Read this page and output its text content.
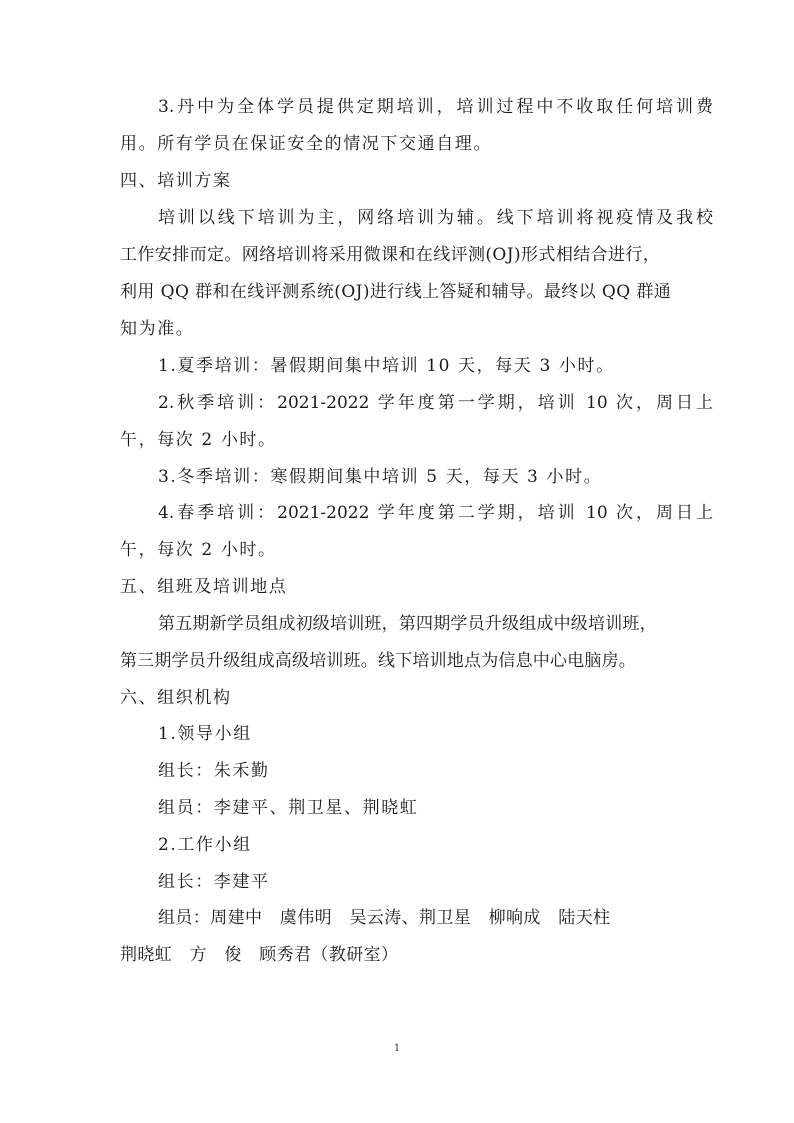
3.丹中为全体学员提供定期培训，培训过程中不收取任何培训费
用。所有学员在保证安全的情况下交通自理。
四、培训方案
培训以线下培训为主，网络培训为辅。线下培训将视疫情及我校
工作安排而定。网络培训将采用微课和在线评测(OJ)形式相结合进行，
利用 QQ 群和在线评测系统(OJ)进行线上答疑和辅导。最终以 QQ 群通
知为准。
1.夏季培训：暑假期间集中培训 10 天，每天 3 小时。
2.秋季培训：2021-2022 学年度第一学期，培训 10 次，周日上
午，每次 2 小时。
3.冬季培训：寒假期间集中培训 5 天，每天 3 小时。
4.春季培训：2021-2022 学年度第二学期，培训 10 次，周日上
午，每次 2 小时。
五、组班及培训地点
第五期新学员组成初级培训班，第四期学员升级组成中级培训班，
第三期学员升级组成高级培训班。线下培训地点为信息中心电脑房。
六、组织机构
1.领导小组
组长：朱禾勤
组员：李建平、荆卫星、荆晓虹
2.工作小组
组长：李建平
组员：周建中　虞伟明　吴云涛、荆卫星　柳响成　陆天柱
荆晓虹　方　俊　顾秀君（教研室）
1
